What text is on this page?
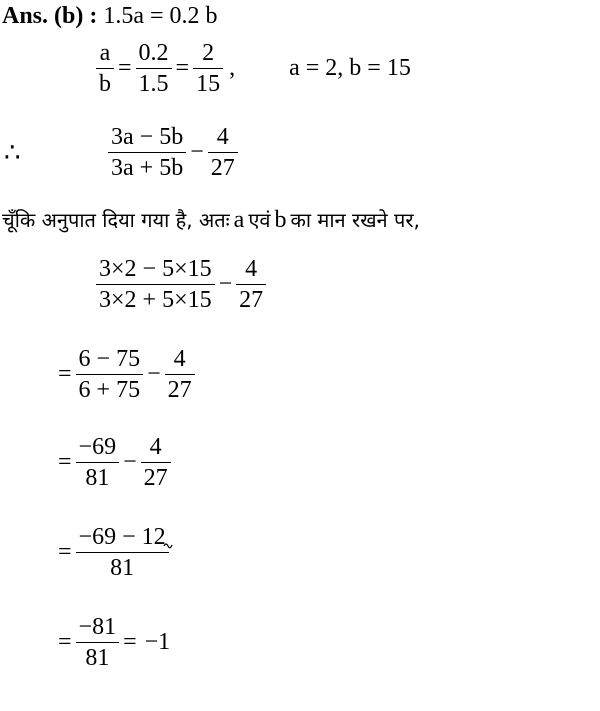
Ans. (b) : 1.5a = 0.2 b
$\frac{a}{b} = \frac{0.2}{1.5} = \frac{2}{15}$ ,	a = 2, b = 15
∴	$\frac{3a - 5b}{3a + 5b} - \frac{4}{27}$
चूँकि अनुपात दिया गया है, अतः a एवं b का मान रखने पर,
$\frac{3\times 2 - 5\times 15}{3\times 2 + 5\times 15} - \frac{4}{27}$
= $\frac{6 - 75}{6 + 75} - \frac{4}{27}$
= $\frac{-69}{81} - \frac{4}{27}$
= $\frac{-69 - 12}{81}$
= $\frac{-81}{81} = -1$
